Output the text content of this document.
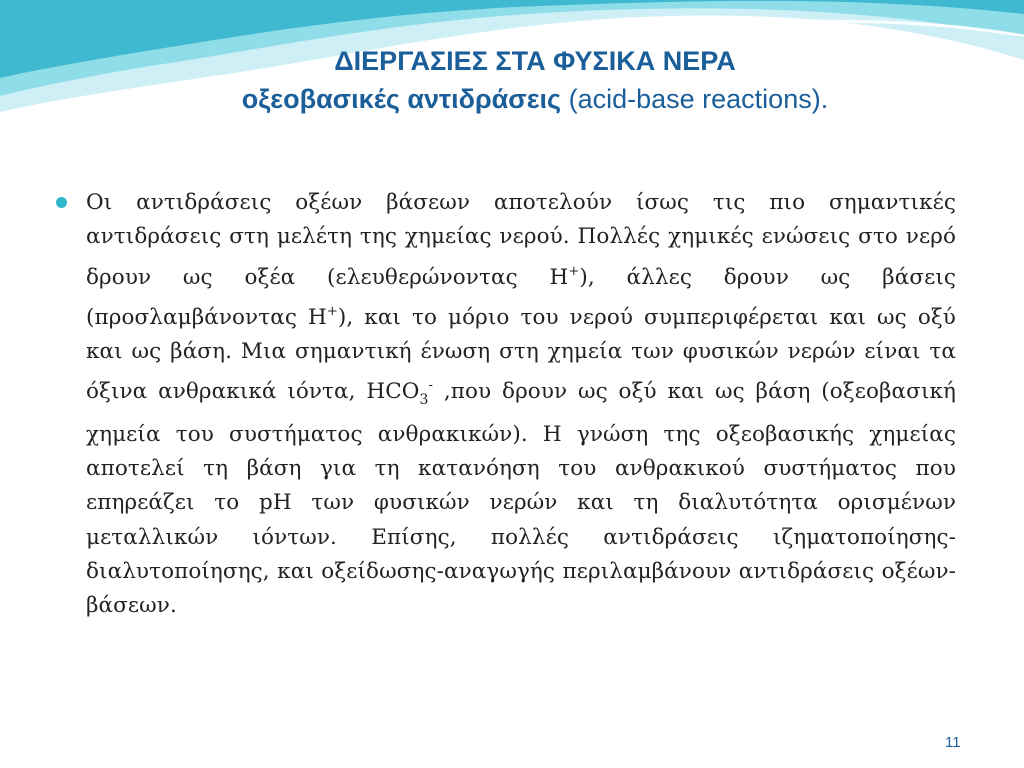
ΔΙΕΡΓΑΣΙΕΣ ΣΤΑ ΦΥΣΙΚΑ ΝΕΡΑ
οξεοβασικές αντιδράσεις (acid-base reactions).
Οι αντιδράσεις οξέων βάσεων αποτελούν ίσως τις πιο σημαντικές αντιδράσεις στη μελέτη της χημείας νερού. Πολλές χημικές ενώσεις στο νερό δρουν ως οξέα (ελευθερώνοντας Η+), άλλες δρουν ως βάσεις (προσλαμβάνοντας Η+), και το μόριο του νερού συμπεριφέρεται και ως οξύ και ως βάση. Μια σημαντική ένωση στη χημεία των φυσικών νερών είναι τα όξινα ανθρακικά ιόντα, $HCO_3^-$ ,που δρουν ως οξύ και ως βάση (οξεοβασική χημεία του συστήματος ανθρακικών). Η γνώση της οξεοβασικής χημείας αποτελεί τη βάση για τη κατανόηση του ανθρακικού συστήματος που επηρεάζει το pH των φυσικών νερών και τη διαλυτότητα ορισμένων μεταλλικών ιόντων. Επίσης, πολλές αντιδράσεις ιζηματοποίησης-διαλυτοποίησης, και οξείδωσης-αναγωγής περιλαμβάνουν αντιδράσεις οξέων-βάσεων.
11
